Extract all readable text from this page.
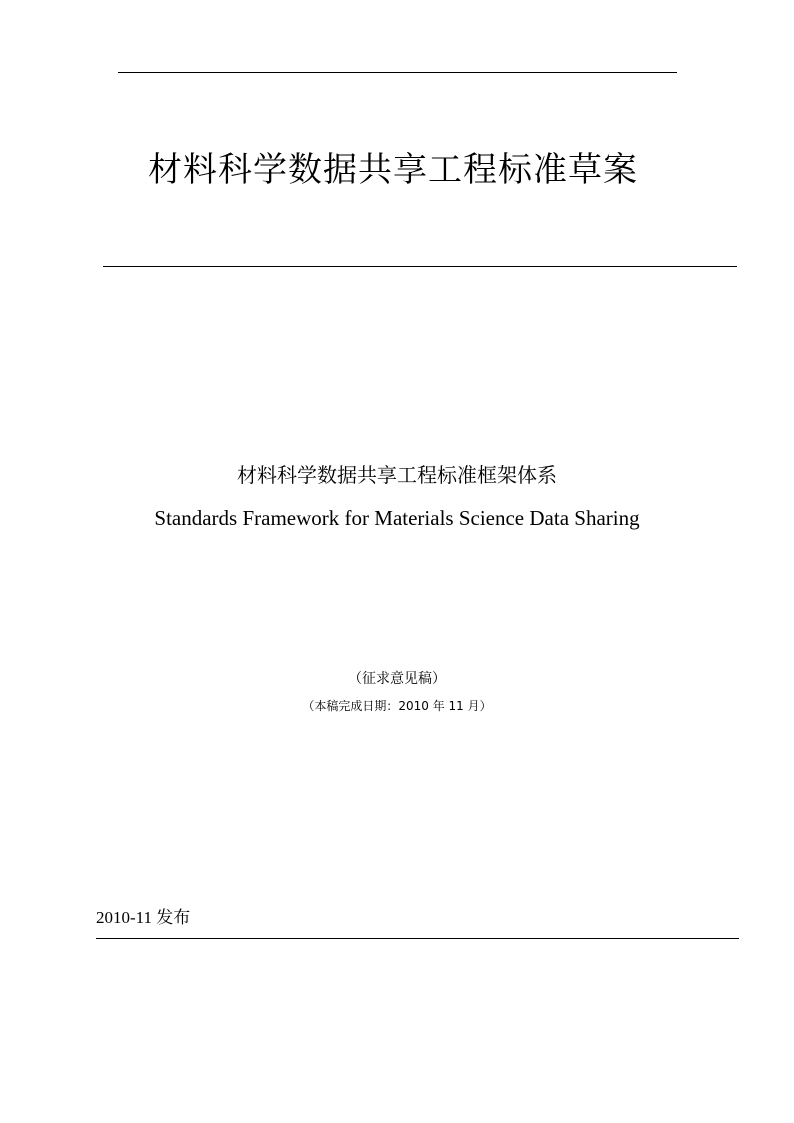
材料科学数据共享工程标准草案
材料科学数据共享工程标准框架体系
Standards Framework for Materials Science Data Sharing
（征求意见稿）
（本稿完成日期：2010 年 11 月）
2010-11 发布
